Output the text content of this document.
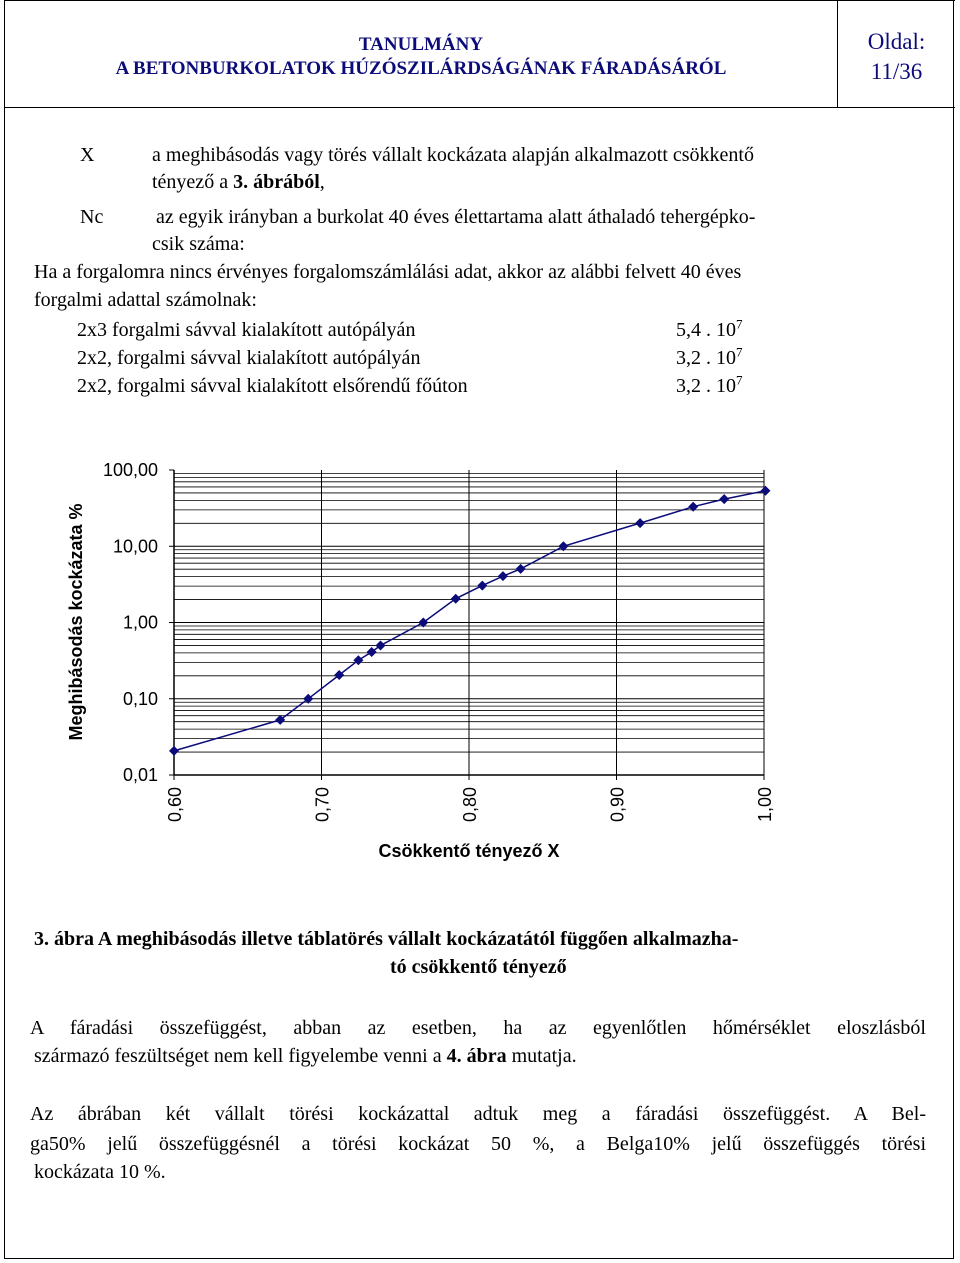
TANULMÁNY
A BETONBURKOLATOK HÚZÓSZILÁRDSÁGÁNAK FÁRADÁSÁRÓL
Oldal:
11/36
X	a meghibásodás vagy törés vállalt kockázata alapján alkalmazott csökkentő
tényező a 3. ábrából,
Nc	az egyik irányban a burkolat 40 éves élettartama alatt áthaladó tehergépko-
csik száma:
Ha a forgalomra nincs érvényes forgalomszámlálási adat, akkor az alábbi felvett 40 éves
forgalmi adattal számolnak:
2x3 forgalmi sávval kialakított autópályán	5,4 . $10^7$
2x2, forgalmi sávval kialakított autópályán	3,2 . $10^7$
2x2, forgalmi sávval kialakított elsőrendű főúton	3,2 . $10^7$
100,00
10,00
1,00
0,10
0,01
0,60	0,70	0,80	0,90	1,00
Meghibásodás kockázata %
Csökkentő tényező X
3. ábra A meghibásodás illetve táblatörés vállalt kockázatától függően alkalmazha-
tó csökkentő tényező
A fáradási összefüggést, abban az esetben, ha az egyenlőtlen hőmérséklet eloszlásból
származó feszültséget nem kell figyelembe venni a 4. ábra mutatja.
Az ábrában két vállalt törési kockázattal adtuk meg a fáradási összefüggést. A Bel-
ga50% jelű összefüggésnél a törési kockázat 50 %, a Belga10% jelű összefüggés törési
kockázata 10 %.
